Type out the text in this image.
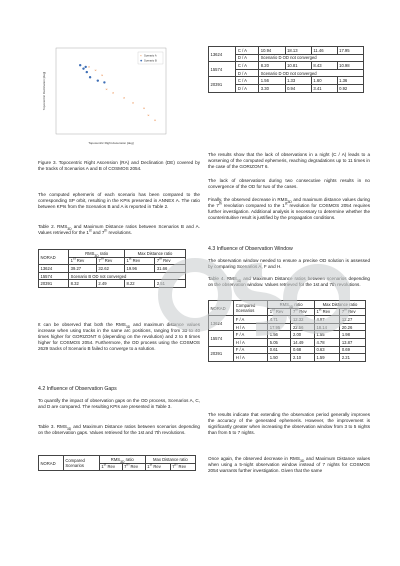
Topocentric Declination [deg]
Topocentric Right Ascension [deg]
Scenario A
Scenario B
×
×
×
×
×
×
×
×
×
×
×

Figure 3. Topocentric Right Ascension (RA) and Declination (DE) covered by the tracks of Scenarios A and B of COSMOS 2054.

The computed ephemeris of each scenario has been compared to the corresponding SP orbit, resulting in the KPIs presented in ANNEX A. The ratio between KPIs from the Scenarios B and A is reported in Table 2.

Table 2. $RMS_{3D}$ and Maximum Distance ratios between Scenarios B and A. Values retrieved for the 1st and 7th revolutions.

NORAD	$RMS_{3D}$ ratio		Max Distance ratio	
	1st Rev	7th Rev	1st Rev	7th Rev
13624	39.27	32.62	19.96	31.66
15574	Scenario B OD not converged			
20391	8.32	2.49	8.22	2.51

It can be observed that both the $RMS_{3D}$ and maximum distance values increase when using tracks in the same arc positions, ranging from 33 to 40 times higher for GORIZONT 6 (depending on the revolution) and 2 to 8 times higher for COSMOS 2054. Furthermore, the OD process using the COSMOS 2629 tracks of Scenario B failed to converge to a solution.

4.2 Influence of Observation Gaps

To quantify the impact of observation gaps on the OD process, Scenarios A, C, and D are compared. The resulting KPIs are presented in Table 3.

Table 3. $RMS_{3D}$ and Maximum Distance ratios between scenarios depending on the observation gaps. Values retrieved for the 1st and 7th revolutions.

NORAD	Compared Scenarios	$RMS_{3D}$ ratio		Max Distance ratio	
		1st Rev	7th Rev	1st Rev	7th Rev
13624	C / A	10.94	18.13	11.46	17.95
	D / A	Scenario D OD not converged			
15574	C / A	8.20	10.81	8.43	10.98
	D / A	Scenario D OD not converged			
20391	C / A	1.56	1.33	1.60	1.36
	D / A	3.30	0.94	3.41	0.92

The results show that the lack of observations in a night (C / A) leads to a worsening of the computed ephemeris, reaching degradations up to 11 times in the case of the GORIZONT 6.

The lack of observations during two consecutive nights results in no convergence of the OD for two of the cases.

Finally, the observed decrease in $RMS_{3D}$ and maximum distance values during the 7th revolution compared to the 1st revolution for COSMOS 2054 requires further investigation. Additional analysis is necessary to determine whether the counterintuitive result is justified by the propagation conditions.

4.3 Influence of Observation Window

The observation window needed to ensure a precise OD solution is assessed by comparing Scenarios A, F and H.

Table 4. $RMS_{3D}$ and Maximum Distance ratios between scenarios depending on the observation window. Values retrieved for the 1st and 7th revolutions.

NORAD	Compared Scenarios	$RMS_{3D}$ ratio		Max Distance ratio	
		1st Rev	7th Rev	1st Rev	7th Rev
13624	F / A	4.71	12.32	4.97	12.27
	H / A	17.95	22.56	18.14	20.26
15574	F / A	1.56	2.00	1.55	1.98
	H / A	5.05	14.49	4.78	13.87
20391	F / A	0.61	0.68	0.63	0.69
	H / A	1.50	2.10	1.59	2.21

The results indicate that extending the observation period generally improves the accuracy of the generated ephemeris. However, the improvement is significantly greater when increasing the observation window from 3 to 5 nights than from 5 to 7 nights.

Once again, the observed decrease in $RMS_{3D}$ and Maximum Distance values when using a 5-night observation window instead of 7 nights for COSMOS 2054 warrants further investigation. Given that the same
